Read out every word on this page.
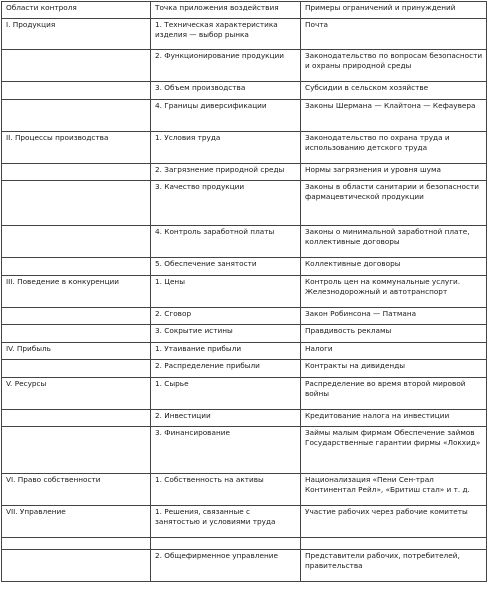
Области контроля	Точка приложения воздействия	Примеры ограничений и принуждений
I. Продукция	1. Техническая характеристика изделия — выбор рынка	Почта
	2. Функционирование продукции	Законодательство по вопросам безопасности и охраны природной среды
	3. Объем производства	Субсидии в сельском хозяйстве
	4. Границы диверсификации	Законы Шермана — Клайтона — Кефаувера
II. Процессы производства	1. Условия труда	Законодательство по охрана труда и использованию детского труда
	2. Загрязнение природной среды	Нормы загрязнения и уровня шума
	3. Качество продукции	Законы в области санитарии и безопасности фармацевтической продукции
	4. Контроль заработной платы	Законы о минимальной заработной плате, коллективные договоры
	5. Обеспечение занятости	Коллективные договоры
III. Поведение в конкуренции	1. Цены	Контроль цен на коммунальные услуги. Железнодорожный и автотранспорт
	2. Сговор	Закон Робинсона — Патмана
	3. Сокрытие истины	Правдивость рекламы
IV. Прибыль	1. Утаивание прибыли	Налоги
	2. Распределение прибыли	Контракты на дивиденды
V. Ресурсы	1. Сырье	Распределение во время второй мировой войны
	2. Инвестиции	Кредитование налога на инвестиции
	3. Финансирование	Займы малым фирмам Обеспечение займов Государственные гарантии фирмы «Локхид»
VI. Право собственности	1. Собственность на активы	Национализация «Пени Сен-трал Континентал Рейл», «Бритиш стал» и т. д.
VII. Управление	1. Решения, связанные с занятостью и условиями труда	Участие рабочих через рабочие комитеты

	2. Общефирменное управление	Представители рабочих, потребителей, правительства
